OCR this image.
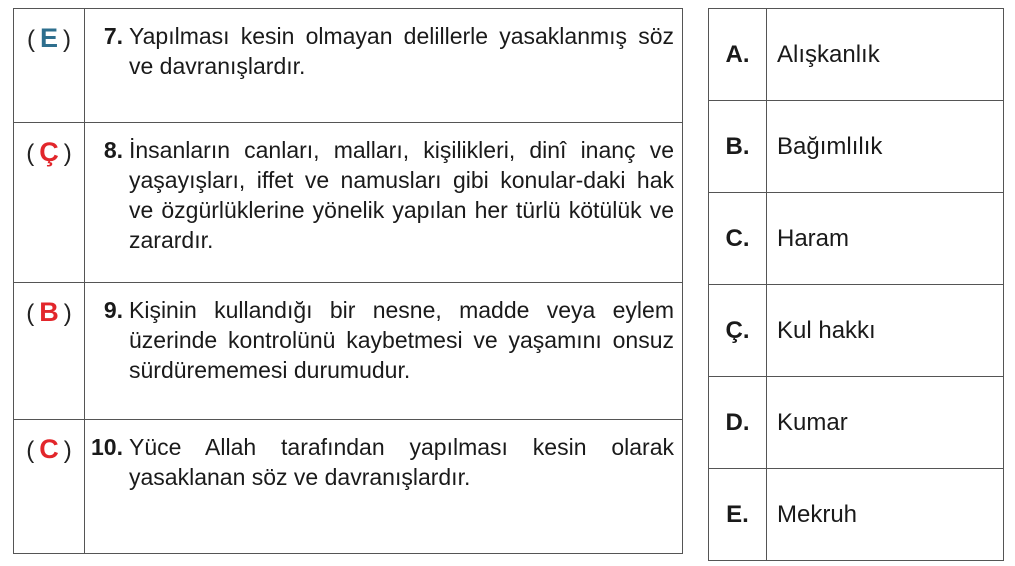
( E )	7. Yapılması kesin olmayan delillerle yasaklanmış söz ve davranışlardır.

( Ç )	8. İnsanların canları, malları, kişilikleri, dinî inanç ve yaşayışları, iffet ve namusları gibi konular-daki hak ve özgürlüklerine yönelik yapılan her türlü kötülük ve zarardır.

( B )	9. Kişinin kullandığı bir nesne, madde veya eylem üzerinde kontrolünü kaybetmesi ve yaşamını onsuz sürdürememesi durumudur.

( C )	10. Yüce Allah tarafından yapılması kesin olarak yasaklanan söz ve davranışlardır.
A.	Alışkanlık
B.	Bağımlılık
C.	Haram
Ç.	Kul hakkı
D.	Kumar
E.	Mekruh
